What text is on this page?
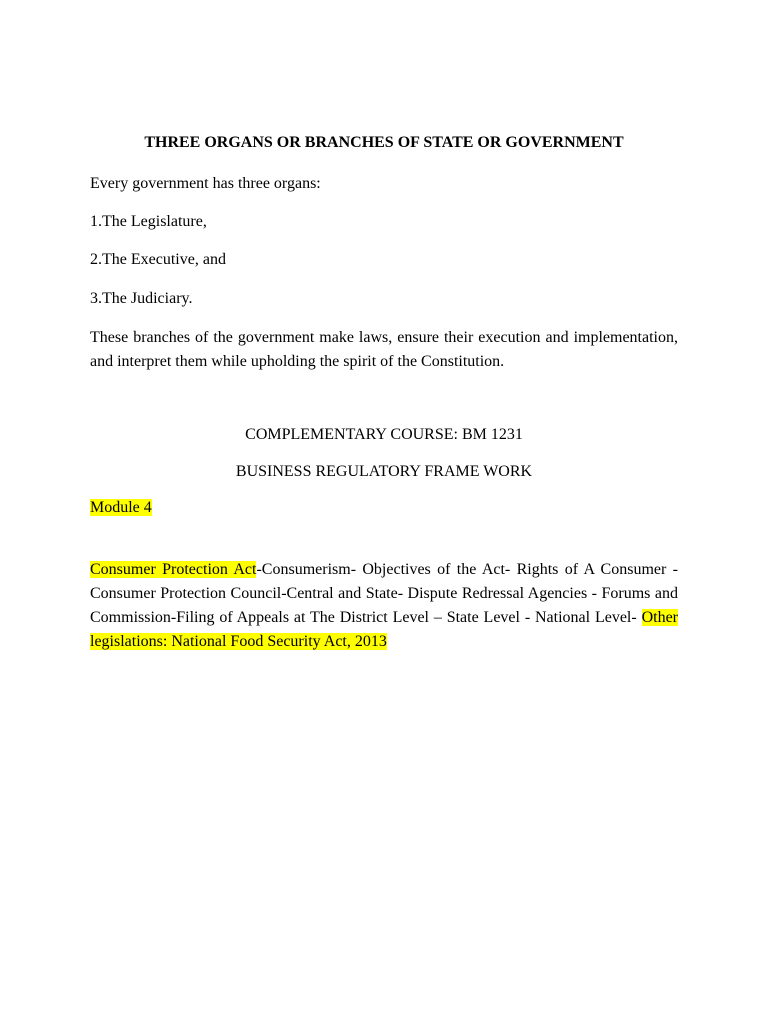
THREE ORGANS OR BRANCHES OF STATE OR GOVERNMENT

Every government has three organs:

1.The Legislature,

2.The Executive, and

3.The Judiciary.

These branches of the government make laws, ensure their execution and implementation, and interpret them while upholding the spirit of the Constitution.

COMPLEMENTARY COURSE: BM 1231

BUSINESS REGULATORY FRAME WORK

Module 4

Consumer Protection Act-Consumerism- Objectives of the Act- Rights of A Consumer -Consumer Protection Council-Central and State- Dispute Redressal Agencies - Forums and Commission-Filing of Appeals at The District Level – State Level - National Level- Other legislations: National Food Security Act, 2013
